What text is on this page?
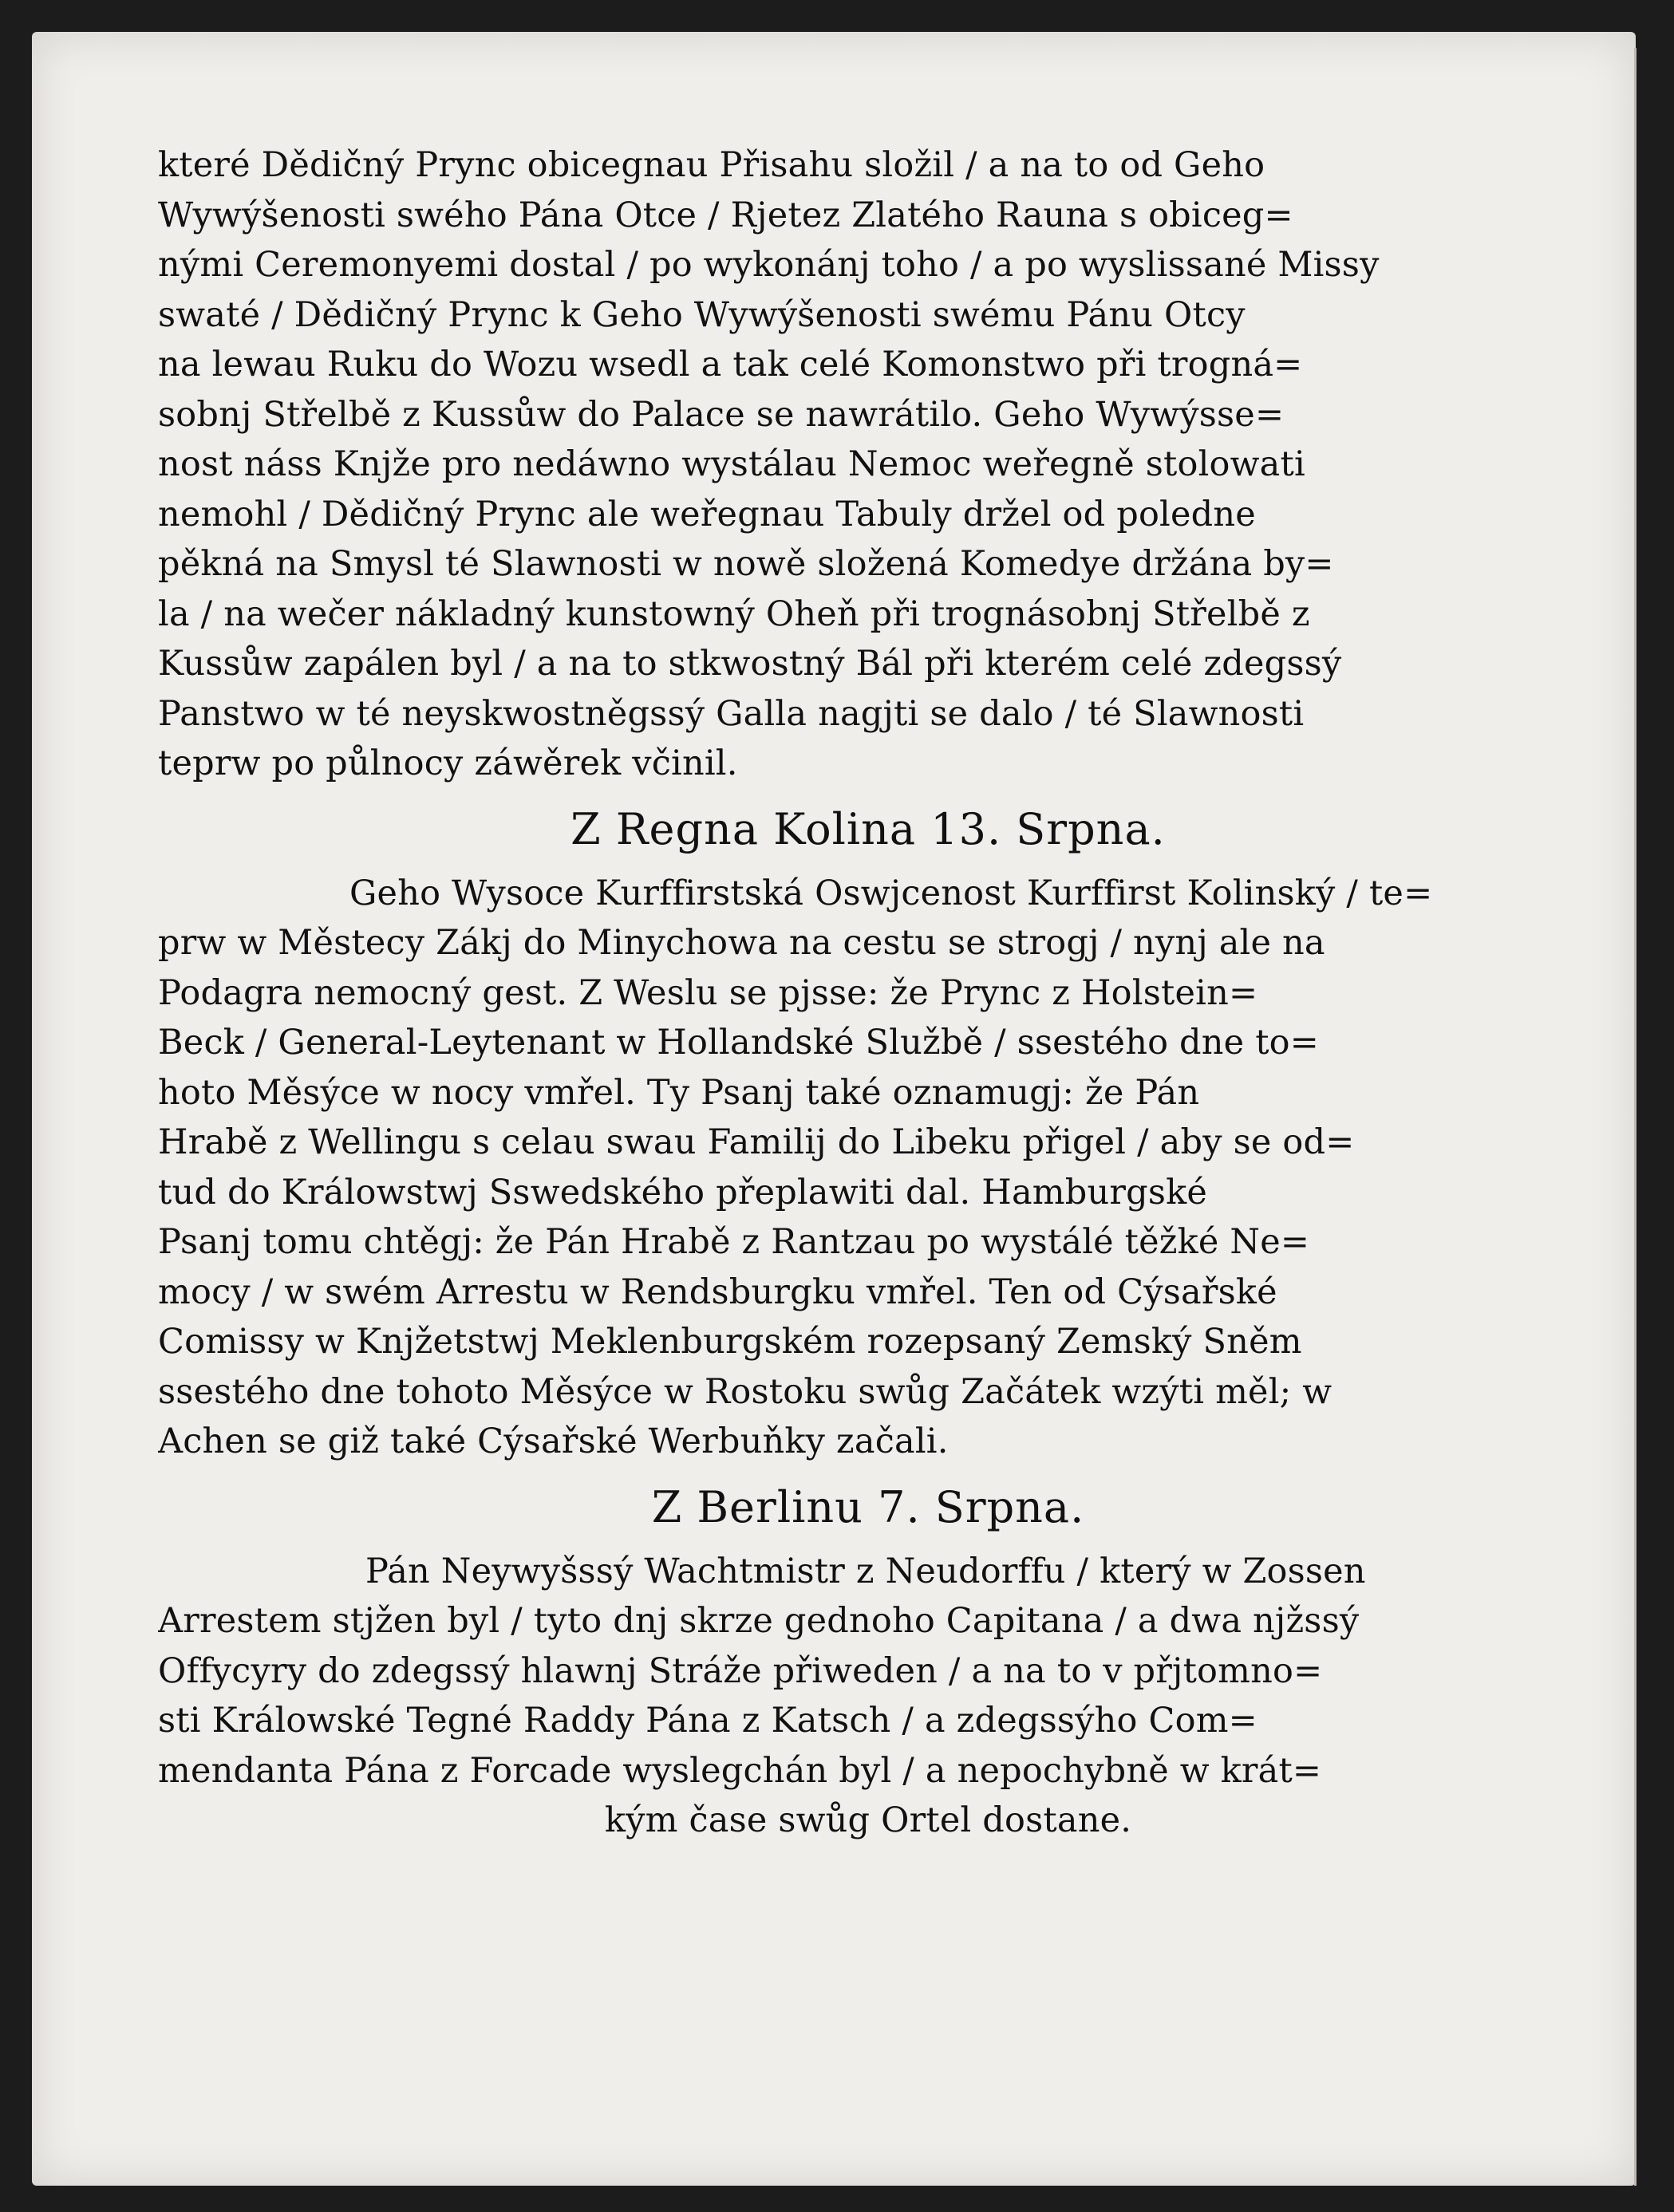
které Dědičný Prync obicegnau Přisahu složil / a na to od Geho
Wywýšenosti swého Pána Otce / Rjetez Zlatého Rauna s obiceg=
nými Ceremonyemi dostal / po wykonánj toho / a po wyslissané Missy
swaté / Dědičný Prync k Geho Wywýšenosti swému Pánu Otcy
na lewau Ruku do Wozu wsedl a tak celé Komonstwo při trogná=
sobnj Střelbě z Kussůw do Palace se nawrátilo. Geho Wywýsse=
nost náss Knjže pro nedáwno wystálau Nemoc weřegně stolowati
nemohl / Dědičný Prync ale weřegnau Tabuly držel od poledne
pěkná na Smysl té Slawnosti w nowě složená Komedye držána by=
la / na wečer nákladný kunstowný Oheň při trognásobnj Střelbě z
Kussůw zapálen byl / a na to stkwostný Bál při kterém celé zdegssý
Panstwo w té neyskwostněgssý Galla nagjti se dalo / té Slawnosti
teprw po půlnocy záwěrek včinil.

Z Regna Kolina 13. Srpna.

Geho Wysoce Kurffirstská Oswjcenost Kurffirst Kolinský / te=
prw w Městecy Zákj do Minychowa na cestu se strogj / nynj ale na
Podagra nemocný gest. Z Weslu se pjsse: že Prync z Holstein=
Beck / General-Leytenant w Hollandské Službě / ssestého dne to=
hoto Měsýce w nocy vmřel. Ty Psanj také oznamugj: že Pán
Hrabě z Wellingu s celau swau Familij do Libeku přigel / aby se od=
tud do Králowstwj Sswedského přeplawiti dal. Hamburgské
Psanj tomu chtěgj: že Pán Hrabě z Rantzau po wystálé těžké Ne=
mocy / w swém Arrestu w Rendsburgku vmřel. Ten od Cýsařské
Comissy w Knjžetstwj Meklenburgském rozepsaný Zemský Sněm
ssestého dne tohoto Měsýce w Rostoku swůg Začátek wzýti měl; w
Achen se giž také Cýsařské Werbuňky začali.

Z Berlinu 7. Srpna.

Pán Neywyšssý Wachtmistr z Neudorffu / který w Zossen
Arrestem stjžen byl / tyto dnj skrze gednoho Capitana / a dwa njžssý
Offycyry do zdegssý hlawnj Stráže přiweden / a na to v přjtomno=
sti Králowské Tegné Raddy Pána z Katsch / a zdegssýho Com=
mendanta Pána z Forcade wyslegchán byl / a nepochybně w krát=
kým čase swůg Ortel dostane.
